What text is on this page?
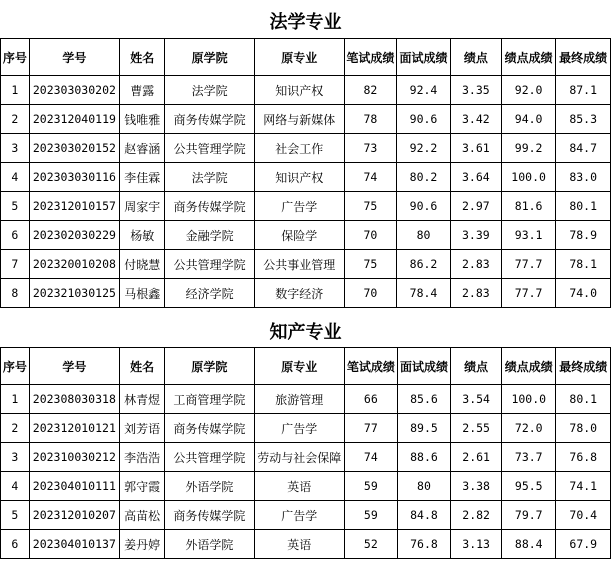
法学专业
序号	学号	姓名	原学院	原专业	笔试成绩	面试成绩	绩点	绩点成绩	最终成绩
1	202303030202	曹露	法学院	知识产权	82	92.4	3.35	92.0	87.1
2	202312040119	钱唯雅	商务传媒学院	网络与新媒体	78	90.6	3.42	94.0	85.3
3	202303020152	赵睿涵	公共管理学院	社会工作	73	92.2	3.61	99.2	84.7
4	202303030116	李佳霖	法学院	知识产权	74	80.2	3.64	100.0	83.0
5	202312010157	周家宇	商务传媒学院	广告学	75	90.6	2.97	81.6	80.1
6	202302030229	杨敏	金融学院	保险学	70	80	3.39	93.1	78.9
7	202320010208	付晓慧	公共管理学院	公共事业管理	75	86.2	2.83	77.7	78.1
8	202321030125	马根鑫	经济学院	数字经济	70	78.4	2.83	77.7	74.0
知产专业
序号	学号	姓名	原学院	原专业	笔试成绩	面试成绩	绩点	绩点成绩	最终成绩
1	202308030318	林青煜	工商管理学院	旅游管理	66	85.6	3.54	100.0	80.1
2	202312010121	刘芳语	商务传媒学院	广告学	77	89.5	2.55	72.0	78.0
3	202310030212	李浩浩	公共管理学院	劳动与社会保障	74	88.6	2.61	73.7	76.8
4	202304010111	郭守霞	外语学院	英语	59	80	3.38	95.5	74.1
5	202312010207	高苗松	商务传媒学院	广告学	59	84.8	2.82	79.7	70.4
6	202304010137	姜丹婷	外语学院	英语	52	76.8	3.13	88.4	67.9
